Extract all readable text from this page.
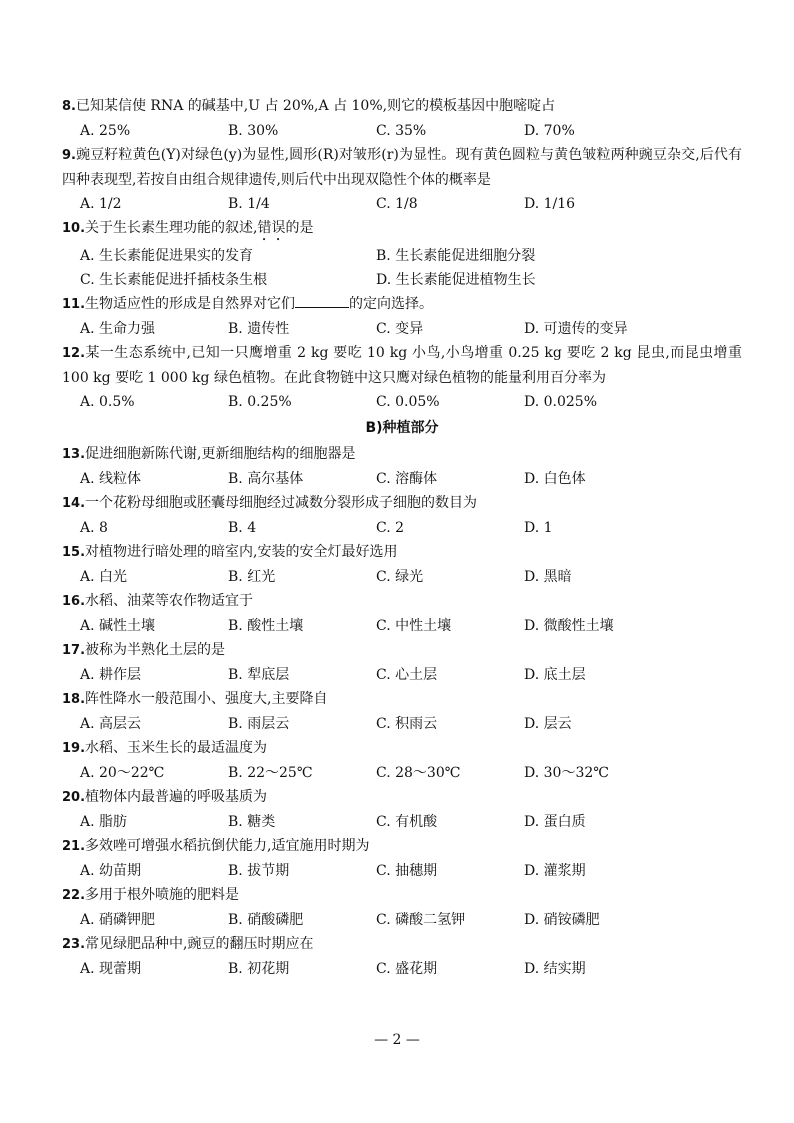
8.已知某信使 RNA 的碱基中,U 占 20%,A 占 10%,则它的模板基因中胞嘧啶占
A. 25%	B. 30%	C. 35%	D. 70%
9.豌豆籽粒黄色(Y)对绿色(y)为显性,圆形(R)对皱形(r)为显性。现有黄色圆粒与黄色皱粒两种豌豆杂交,后代有四种表现型,若按自由组合规律遗传,则后代中出现双隐性个体的概率是
A. 1/2	B. 1/4	C. 1/8	D. 1/16
10.关于生长素生理功能的叙述,错误的是
A. 生长素能促进果实的发育	B. 生长素能促进细胞分裂
C. 生长素能促进扦插枝条生根	D. 生长素能促进植物生长
11.生物适应性的形成是自然界对它们	的定向选择。
A. 生命力强	B. 遗传性	C. 变异	D. 可遗传的变异
12.某一生态系统中,已知一只鹰增重 2 kg 要吃 10 kg 小鸟,小鸟增重 0.25 kg 要吃 2 kg 昆虫,而昆虫增重 100 kg 要吃 1 000 kg 绿色植物。在此食物链中这只鹰对绿色植物的能量利用百分率为
A. 0.5%	B. 0.25%	C. 0.05%	D. 0.025%
B)种植部分
13.促进细胞新陈代谢,更新细胞结构的细胞器是
A. 线粒体	B. 高尔基体	C. 溶酶体	D. 白色体
14.一个花粉母细胞或胚囊母细胞经过减数分裂形成子细胞的数目为
A. 8	B. 4	C. 2	D. 1
15.对植物进行暗处理的暗室内,安装的安全灯最好选用
A. 白光	B. 红光	C. 绿光	D. 黑暗
16.水稻、油菜等农作物适宜于
A. 碱性土壤	B. 酸性土壤	C. 中性土壤	D. 微酸性土壤
17.被称为半熟化土层的是
A. 耕作层	B. 犁底层	C. 心土层	D. 底土层
18.阵性降水一般范围小、强度大,主要降自
A. 高层云	B. 雨层云	C. 积雨云	D. 层云
19.水稻、玉米生长的最适温度为
A. 20～22℃	B. 22～25℃	C. 28～30℃	D. 30～32℃
20.植物体内最普遍的呼吸基质为
A. 脂肪	B. 糖类	C. 有机酸	D. 蛋白质
21.多效唑可增强水稻抗倒伏能力,适宜施用时期为
A. 幼苗期	B. 拔节期	C. 抽穗期	D. 灌浆期
22.多用于根外喷施的肥料是
A. 硝磷钾肥	B. 硝酸磷肥	C. 磷酸二氢钾	D. 硝铵磷肥
23.常见绿肥品种中,豌豆的翻压时期应在
A. 现蕾期	B. 初花期	C. 盛花期	D. 结实期
— 2 —
